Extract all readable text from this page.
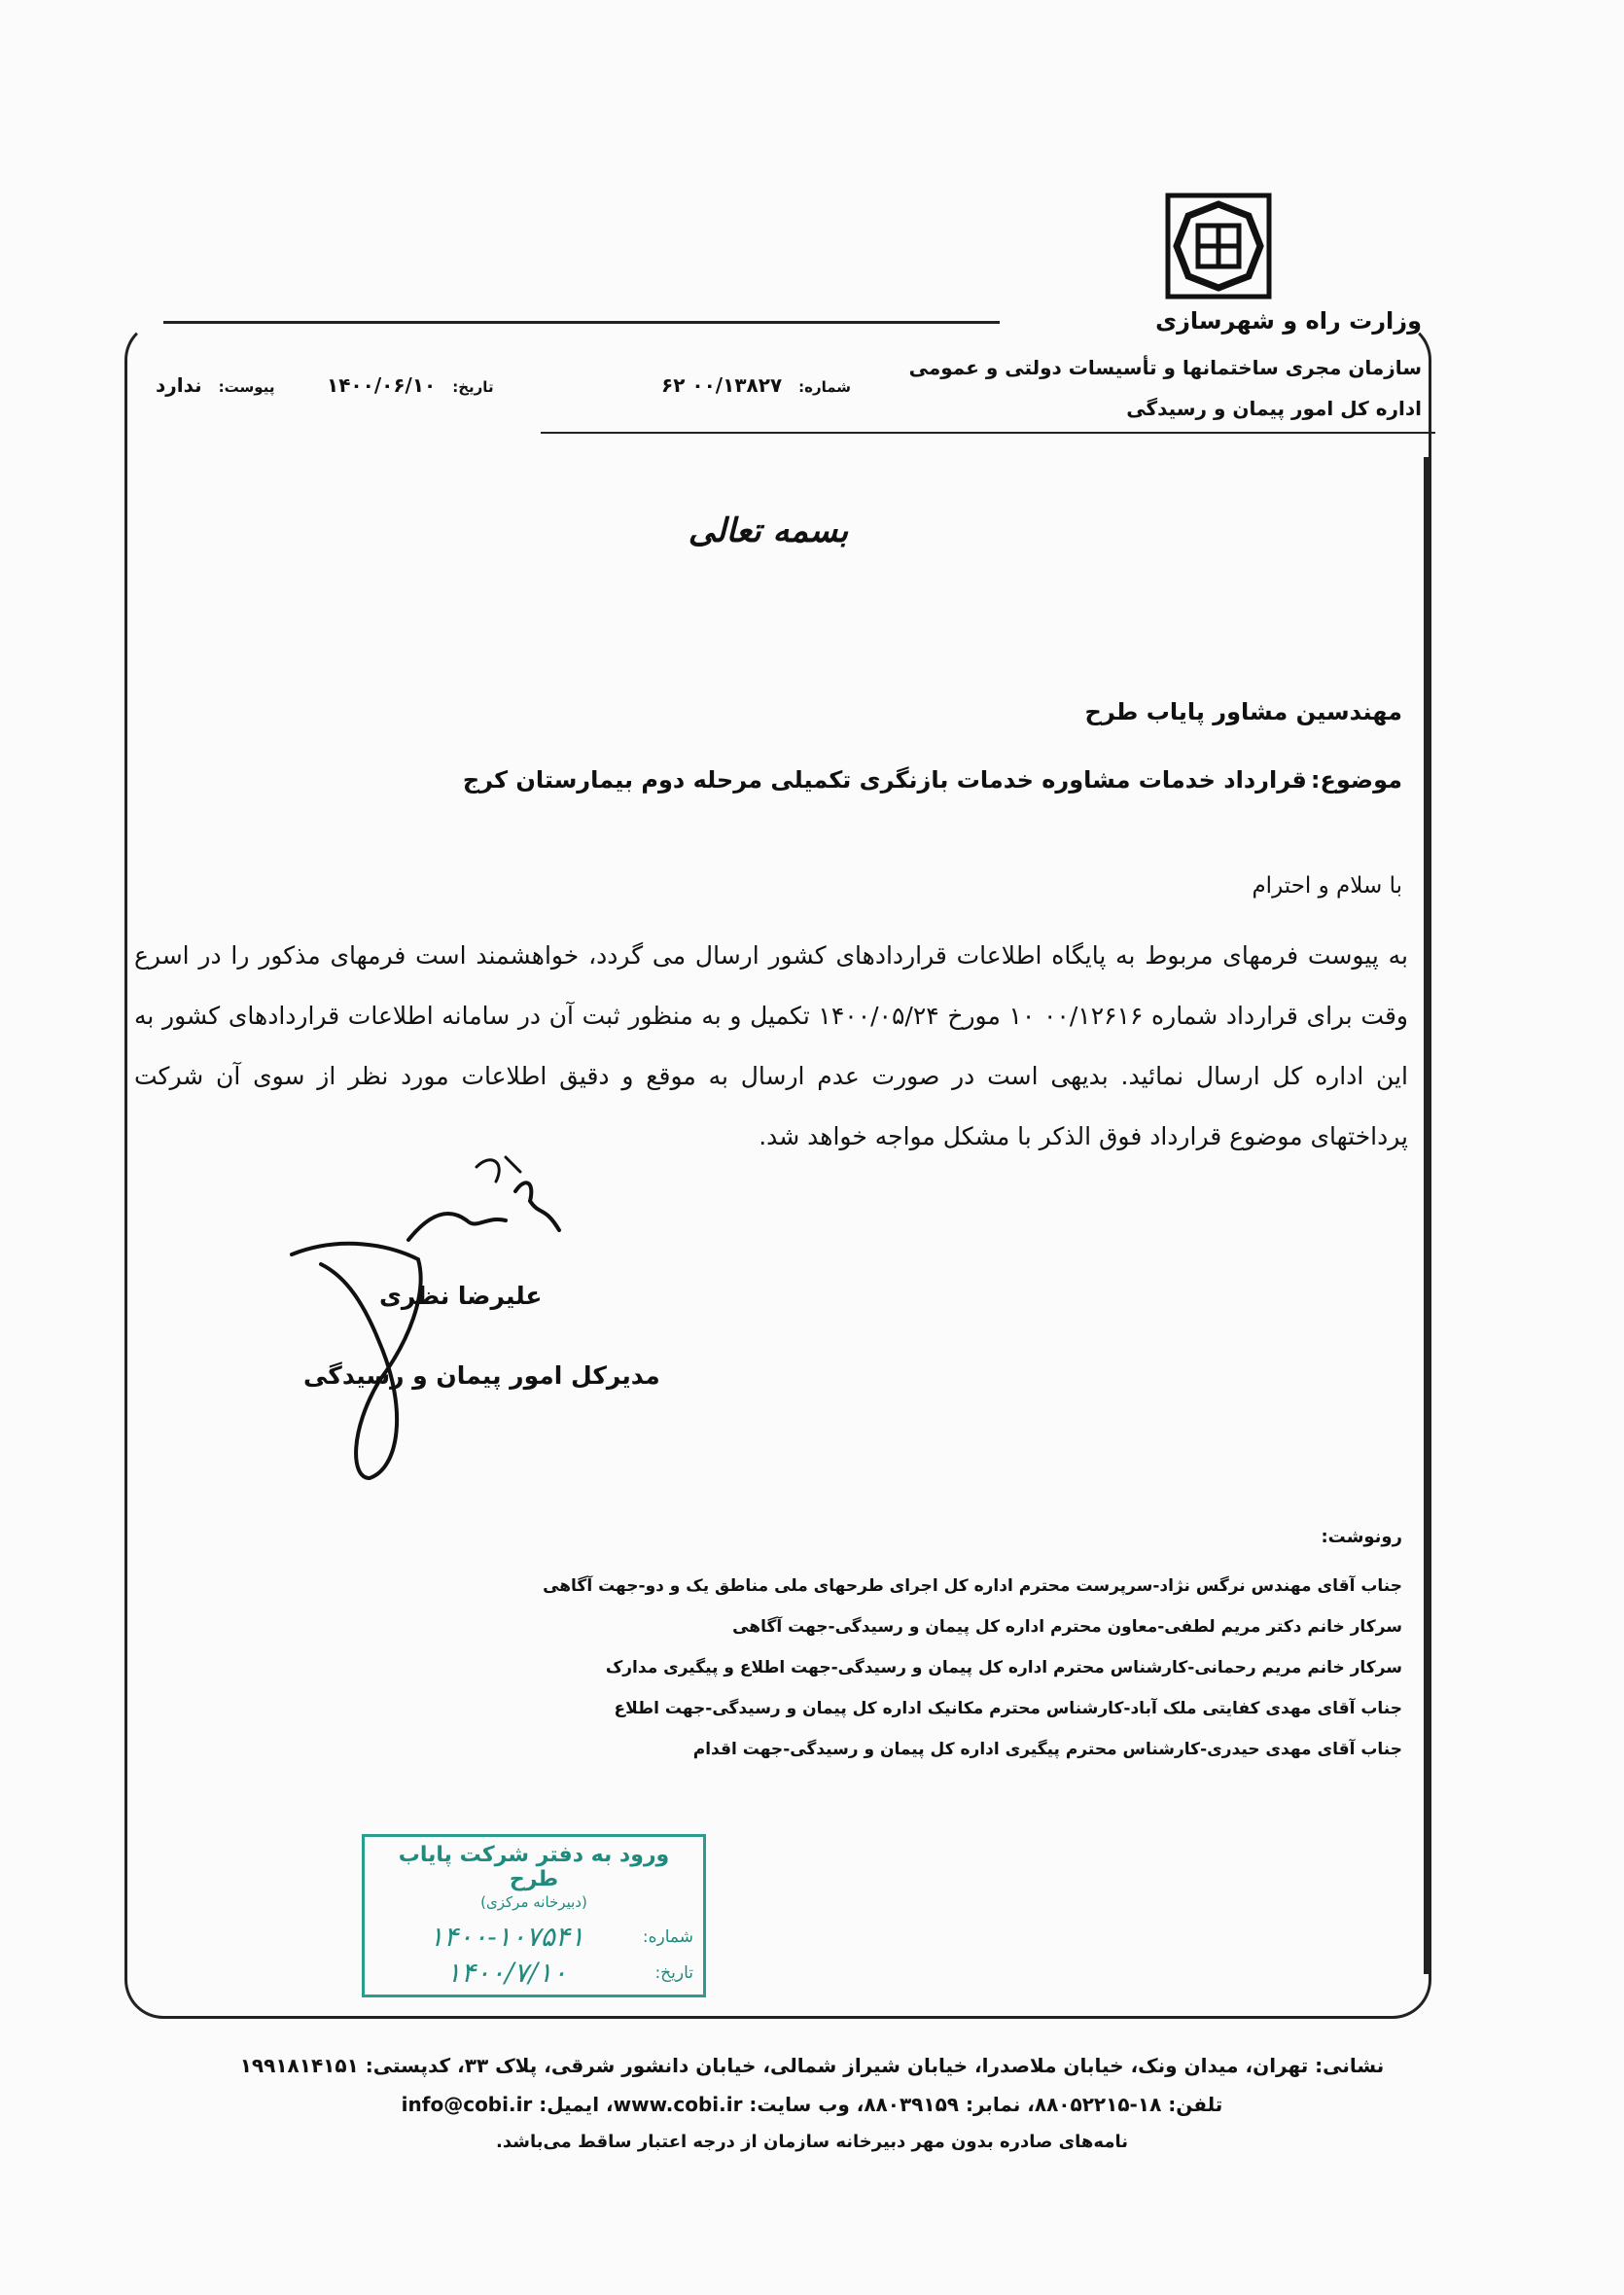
وزارت راه و شهرسازی
سازمان مجری ساختمانها و تأسیسات دولتی و عمومی
اداره کل امور پیمان و رسیدگی
شماره: ۰۰/۱۳۸۲۷ ۶۲
تاریخ: ۱۴۰۰/۰۶/۱۰
پیوست: ندارد
بسمه تعالی
مهندسین مشاور پایاب طرح
موضوع:قرارداد خدمات مشاوره خدمات بازنگری تکمیلی مرحله دوم بیمارستان کرج
با سلام و احترام

به پیوست فرمهای مربوط به پایگاه اطلاعات قراردادهای کشور ارسال می گردد، خواهشمند است فرمهای مذکور را در اسرع وقت برای قرارداد شماره ۰۰/۱۲۶۱۶ ۱۰ مورخ ۱۴۰۰/۰۵/۲۴ تکمیل و به منظور ثبت آن در سامانه اطلاعات قراردادهای کشور به این اداره کل ارسال نمائید. بدیهی است در صورت عدم ارسال به موقع و دقیق اطلاعات مورد نظر از سوی آن شرکت پرداختهای موضوع قرارداد فوق الذکر با مشکل مواجه خواهد شد.

علیرضا نظری
مدیرکل امور پیمان و رسیدگی
رونوشت:
جناب آقای مهندس نرگس نژاد-سرپرست محترم اداره کل اجرای طرحهای ملی مناطق یک و دو-جهت آگاهی
سرکار خانم دکتر مریم لطفی-معاون محترم اداره کل پیمان و رسیدگی-جهت آگاهی
سرکار خانم مریم رحمانی-کارشناس محترم اداره کل پیمان و رسیدگی-جهت اطلاع و پیگیری مدارک
جناب آقای مهدی کفایتی ملک آباد-کارشناس محترم مکانیک اداره کل پیمان و رسیدگی-جهت اطلاع
جناب آقای مهدی حیدری-کارشناس محترم پیگیری اداره کل پیمان و رسیدگی-جهت اقدام
ورود به دفتر شرکت پایاب طرح
(دبیرخانه مرکزی)
شماره:
۱۴۰۰-۱۰۷۵۴۱
تاریخ:
۱۴۰۰/۷/۱۰
نشانی: تهران، میدان ونک، خیابان ملاصدرا، خیابان شیراز شمالی، خیابان دانشور شرقی، پلاک ۳۳، کدپستی: ۱۹۹۱۸۱۴۱۵۱
تلفن: ۱۸-۸۸۰۵۲۲۱۵، نمابر: ۸۸۰۳۹۱۵۹، وب سایت: www.cobi.ir، ایمیل: info@cobi.ir
نامه‌های صادره بدون مهر دبیرخانه سازمان از درجه اعتبار ساقط می‌باشد.
